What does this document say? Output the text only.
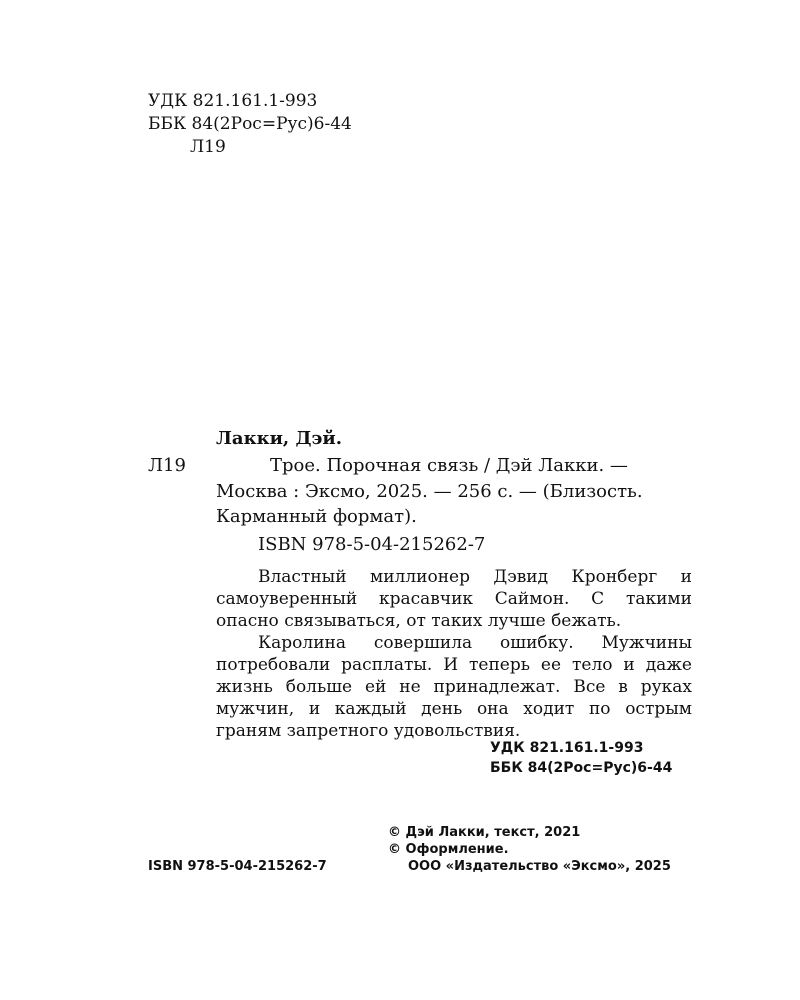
УДК 821.161.1-993
ББК 84(2Рос=Рус)6-44
Л19
Лакки, Дэй.
Л19	Трое. Порочная связь / Дэй Лакки. —
Москва : Эксмо, 2025. — 256 с. — (Близость.
Карманный формат).
ISBN 978-5-04-215262-7

Властный миллионер Дэвид Кронберг и самоуверенный красавчик Саймон. С такими опасно связываться, от таких лучше бежать.

Каролина совершила ошибку. Мужчины потребовали расплаты. И теперь ее тело и даже жизнь больше ей не принадлежат. Все в руках мужчин, и каждый день она ходит по острым граням запретного удовольствия.

УДК 821.161.1-993
ББК 84(2Рос=Рус)6-44
© Дэй Лакки, текст, 2021
© Оформление.
ISBN 978-5-04-215262-7	ООО «Издательство «Эксмо», 2025
